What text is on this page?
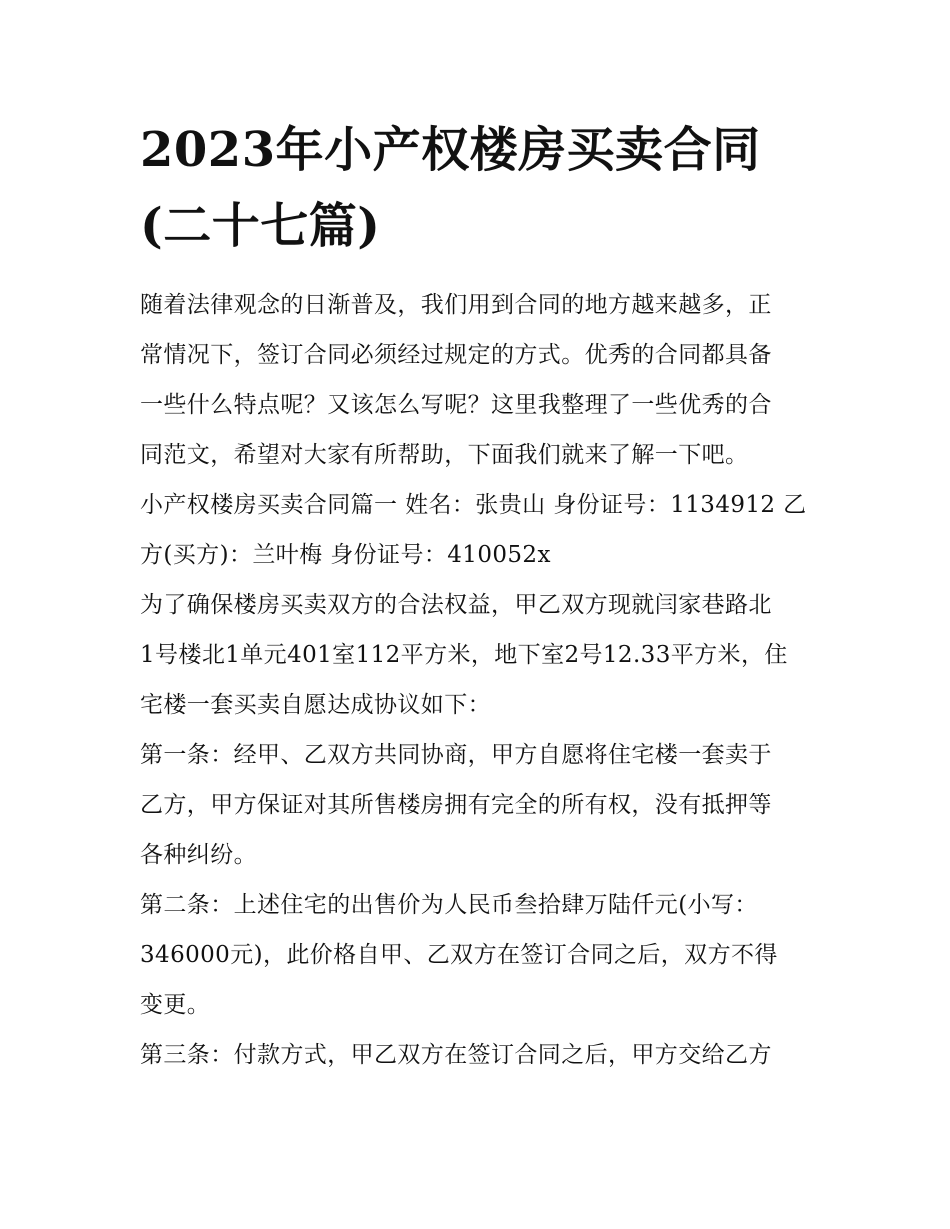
2023年小产权楼房买卖合同
(二十七篇)

随着法律观念的日渐普及，我们用到合同的地方越来越多，正
常情况下，签订合同必须经过规定的方式。优秀的合同都具备
一些什么特点呢？又该怎么写呢？这里我整理了一些优秀的合
同范文，希望对大家有所帮助，下面我们就来了解一下吧。

小产权楼房买卖合同篇一 姓名：张贵山 身份证号：1134912 乙
方(买方)：兰叶梅 身份证号：410052x

为了确保楼房买卖双方的合法权益，甲乙双方现就闫家巷路北
1号楼北1单元401室112平方米，地下室2号12.33平方米，住
宅楼一套买卖自愿达成协议如下：

第一条：经甲、乙双方共同协商，甲方自愿将住宅楼一套卖于
乙方，甲方保证对其所售楼房拥有完全的所有权，没有抵押等
各种纠纷。

第二条：上述住宅的出售价为人民币叁拾肆万陆仟元(小写：
346000元)，此价格自甲、乙双方在签订合同之后，双方不得
变更。

第三条：付款方式，甲乙双方在签订合同之后，甲方交给乙方
